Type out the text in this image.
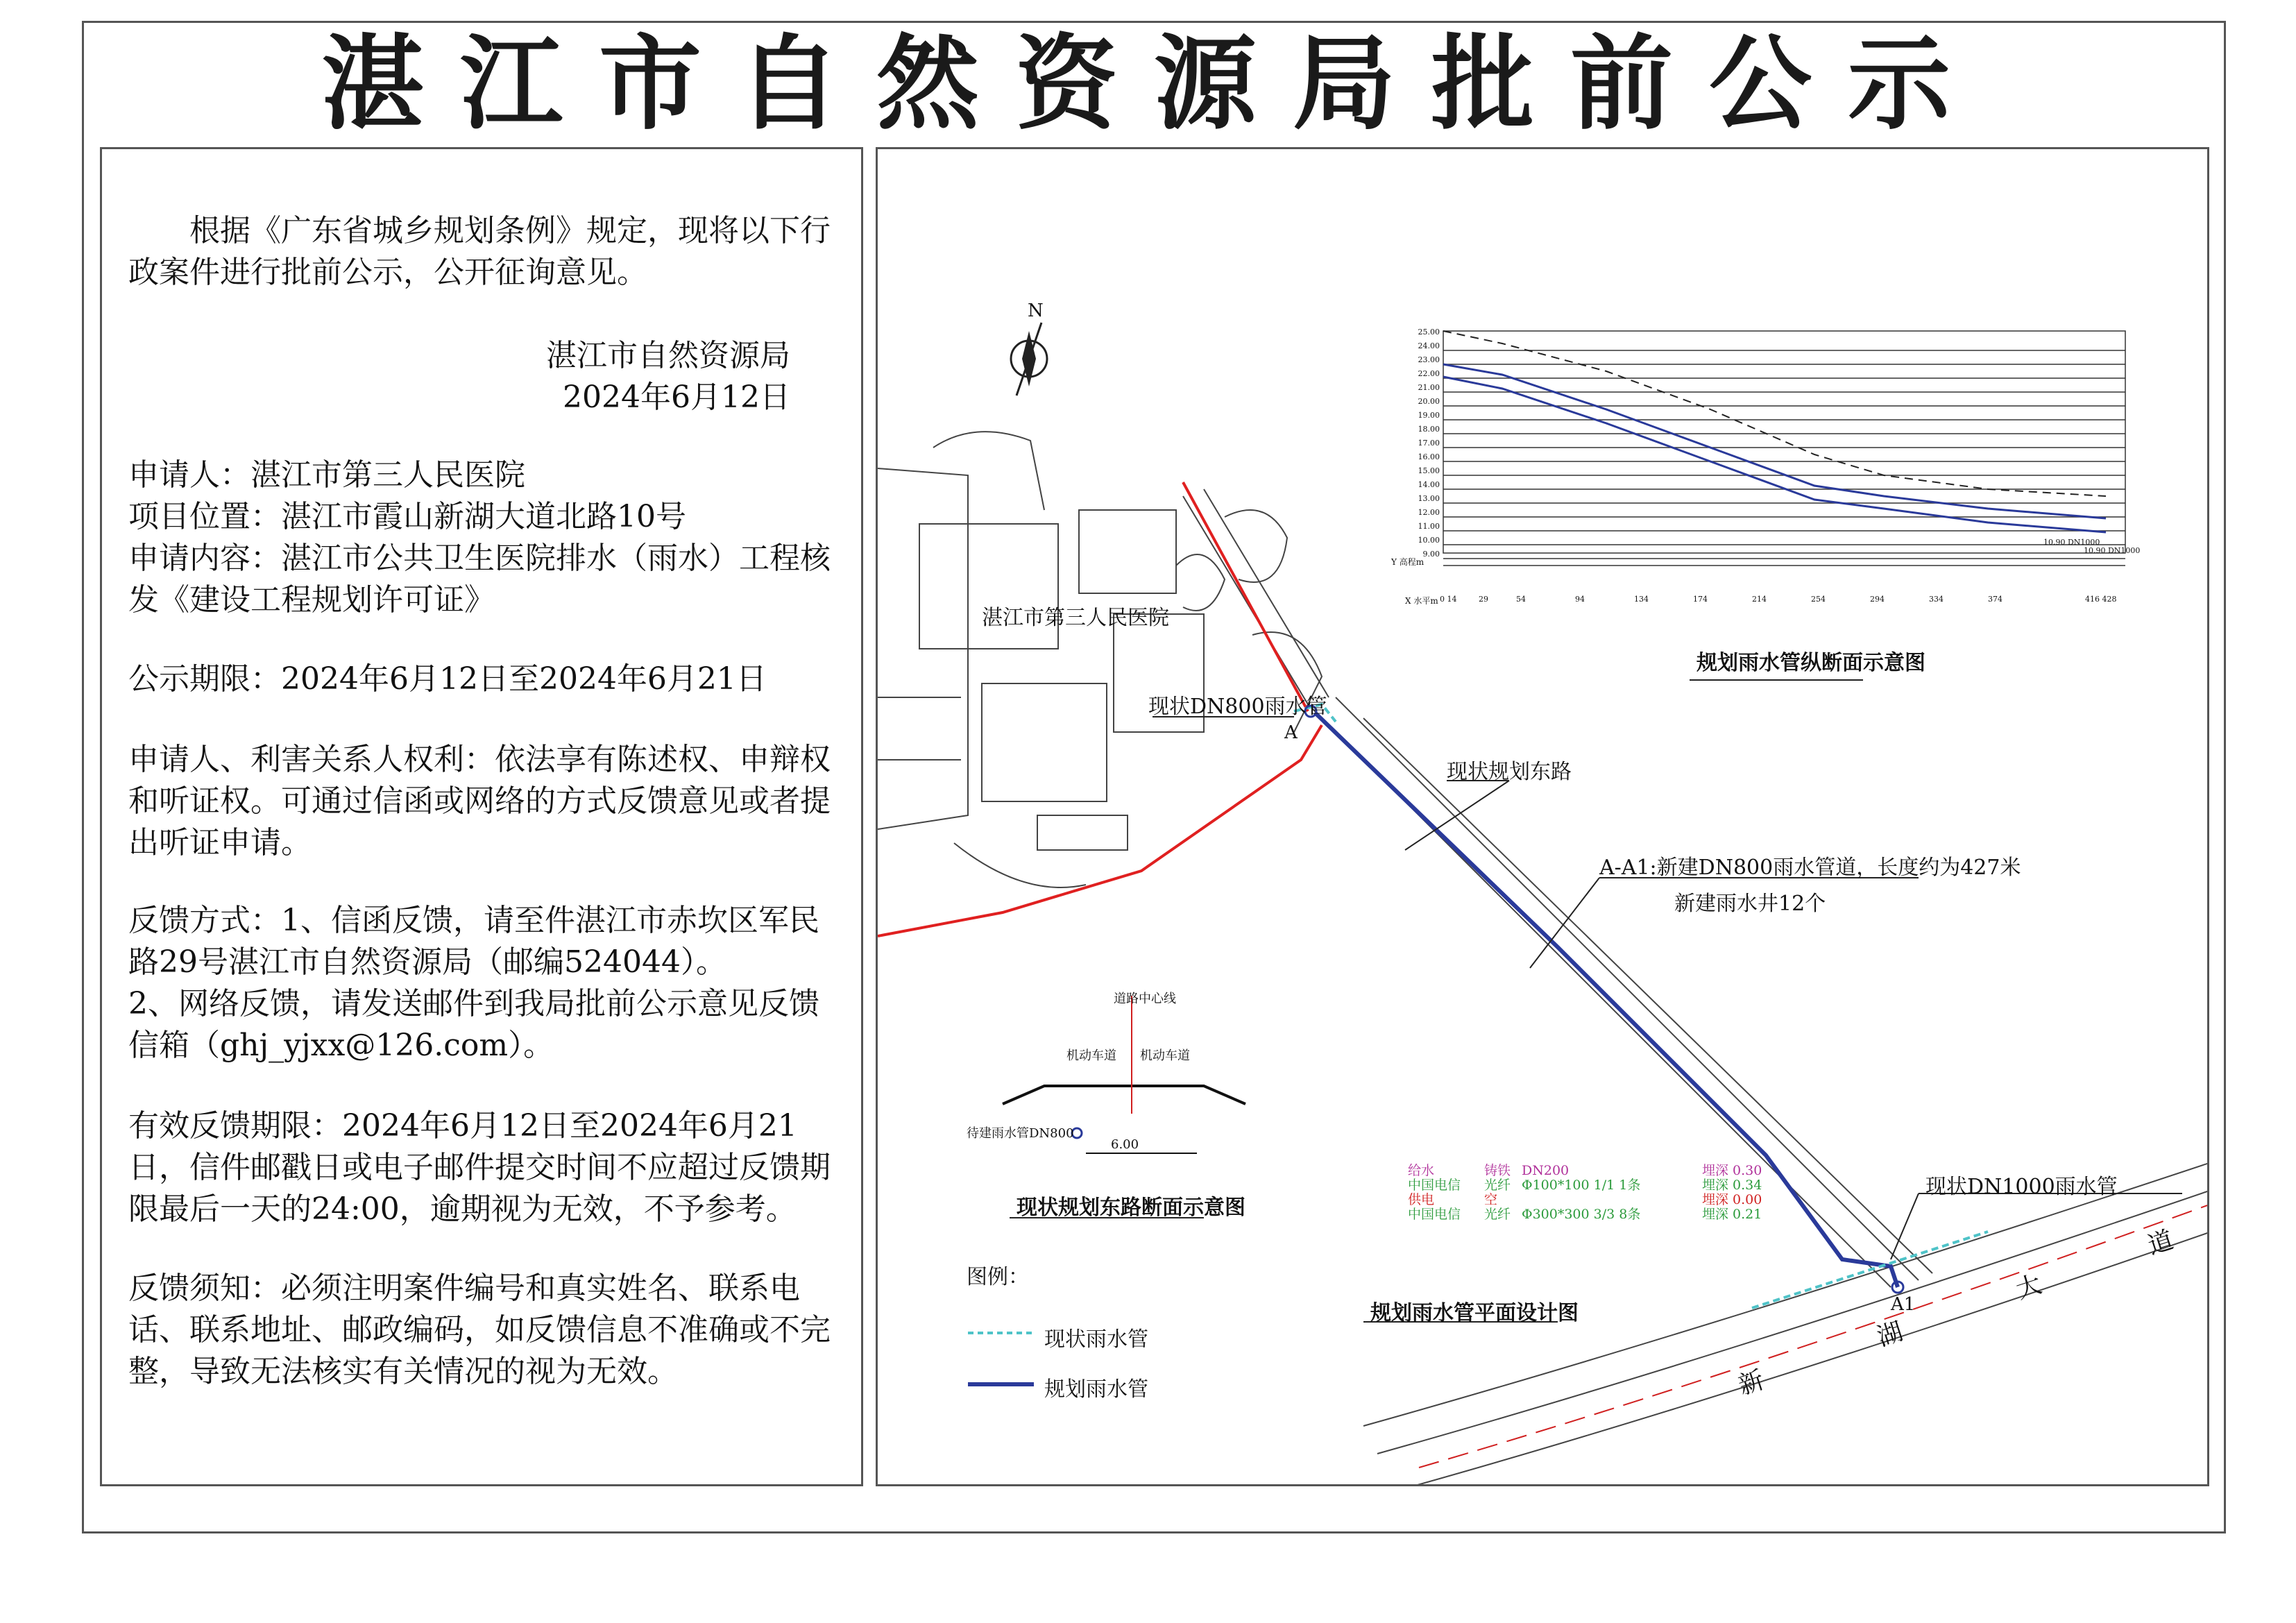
湛江市自然资源局批前公示
根据《广东省城乡规划条例》规定，现将以下行政案件进行批前公示，公开征询意见。
湛江市自然资源局
2024年6月12日
申请人：湛江市第三人民医院
项目位置：湛江市霞山新湖大道北路10号
申请内容：湛江市公共卫生医院排水（雨水）工程核发《建设工程规划许可证》
公示期限：2024年6月12日至2024年6月21日
申请人、利害关系人权利：依法享有陈述权、申辩权和听证权。可通过信函或网络的方式反馈意见或者提出听证申请。
反馈方式：1、信函反馈，请至件湛江市赤坎区军民路29号湛江市自然资源局（邮编524044）。
2、网络反馈，请发送邮件到我局批前公示意见反馈信箱（ghj_yjxx@126.com）。
有效反馈期限：2024年6月12日至2024年6月21日，信件邮戳日或电子邮件提交时间不应超过反馈期限最后一天的24:00，逾期视为无效，不予参考。
反馈须知：必须注明案件编号和真实姓名、联系电话、联系地址、邮政编码，如反馈信息不准确或不完整，导致无法核实有关情况的视为无效。
N
湛江市第三人民医院
现状DN800雨水管
现状规划东路
A-A1:新建DN800雨水管道，长度约为427米
新建雨水井12个
现状DN1000雨水管
A
A1
新
湖
大
道
规划雨水管平面设计图
规划雨水管纵断面示意图
现状规划东路断面示意图
道路中心线
机动车道 机动车道
待建雨水管DN800
6.00
图例：
现状雨水管
规划雨水管
给水	铸铁 DN200	埋深 0.30
中国电信 光纤 Φ100*100 1/1 1条	埋深 0.34
供电	空	埋深 0.00
中国电信 光纤 Φ300*300 3/3 8条	埋深 0.21
25.00
24.00
23.00
22.00
21.00
20.00
19.00
18.00
17.00
16.00
15.00
14.00
13.00
12.00
11.00
10.00
9.00
Y 高程m
X 水平m 0 14	29	54	94	134	174	214	254	294	334	374	416 428
10.90 DN1000
10.90 DN1000
